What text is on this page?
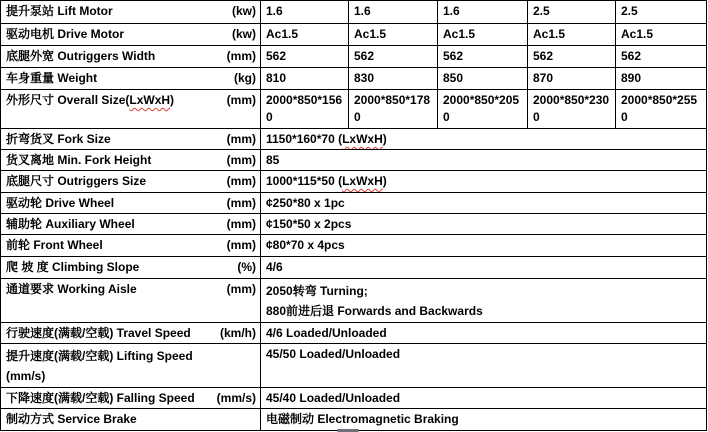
提升泵站 Lift Motor (kw)	1.6	1.6	1.6	2.5	2.5

驱动电机 Drive Motor (kw)	Ac1.5	Ac1.5	Ac1.5	Ac1.5	Ac1.5

底腿外宽 Outriggers Width (mm)	562	562	562	562	562

车身重量 Weight (kg)	810	830	850	870	890

外形尺寸 Overall Size(LxWxH) (mm)	2000*850*1560	2000*850*1780	2000*850*2050	2000*850*2300	2000*850*2550

折弯货叉 Fork Size (mm)	1150*160*70 (LxWxH)				

货叉离地 Min. Fork Height (mm)	85				

底腿尺寸 Outriggers Size (mm)	1000*115*50 (LxWxH)				

驱动轮 Drive Wheel (mm)	¢250*80 x 1pc				

辅助轮 Auxiliary Wheel (mm)	¢150*50 x 2pcs				

前轮 Front Wheel (mm)	¢80*70 x 4pcs				

爬 坡 度 Climbing Slope (%)	4/6				

通道要求 Working Aisle (mm)	2050转弯 Turning;
880前进后退 Forwards and Backwards				

行驶速度(满载/空载) Travel Speed (km/h)	4/6 Loaded/Unloaded				

提升速度(满载/空载) Lifting Speed
(mm/s)	45/50 Loaded/Unloaded				

下降速度(满载/空载) Falling Speed (mm/s)	45/40 Loaded/Unloaded				

制动方式 Service Brake	电磁制动 Electromagnetic Braking				
